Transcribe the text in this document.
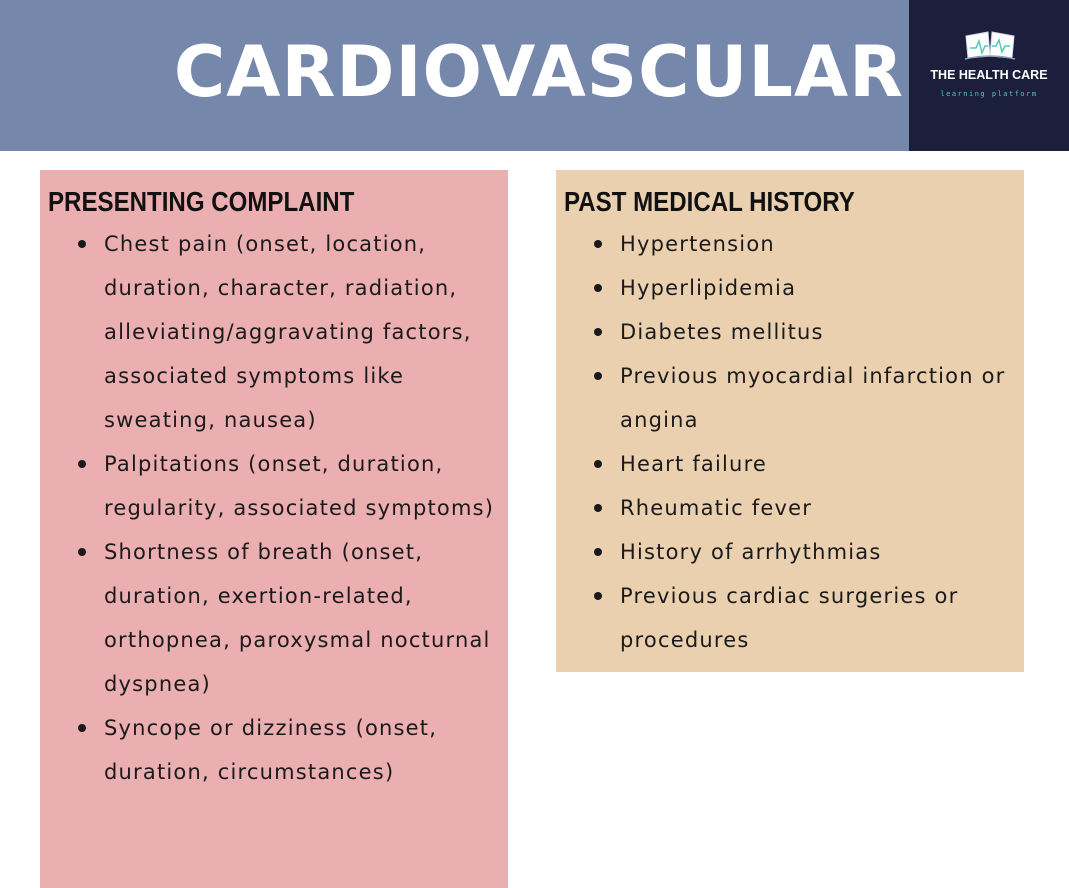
CARDIOVASCULAR	THE HEALTH CARE
learning platform
PRESENTING COMPLAINT
Chest pain (onset, location, duration, character, radiation, alleviating/aggravating factors, associated symptoms like sweating, nausea)
Palpitations (onset, duration, regularity, associated symptoms)
Shortness of breath (onset, duration, exertion-related, orthopnea, paroxysmal nocturnal dyspnea)
Syncope or dizziness (onset, duration, circumstances)
PAST MEDICAL HISTORY
Hypertension
Hyperlipidemia
Diabetes mellitus
Previous myocardial infarction or angina
Heart failure
Rheumatic fever
History of arrhythmias
Previous cardiac surgeries or procedures
